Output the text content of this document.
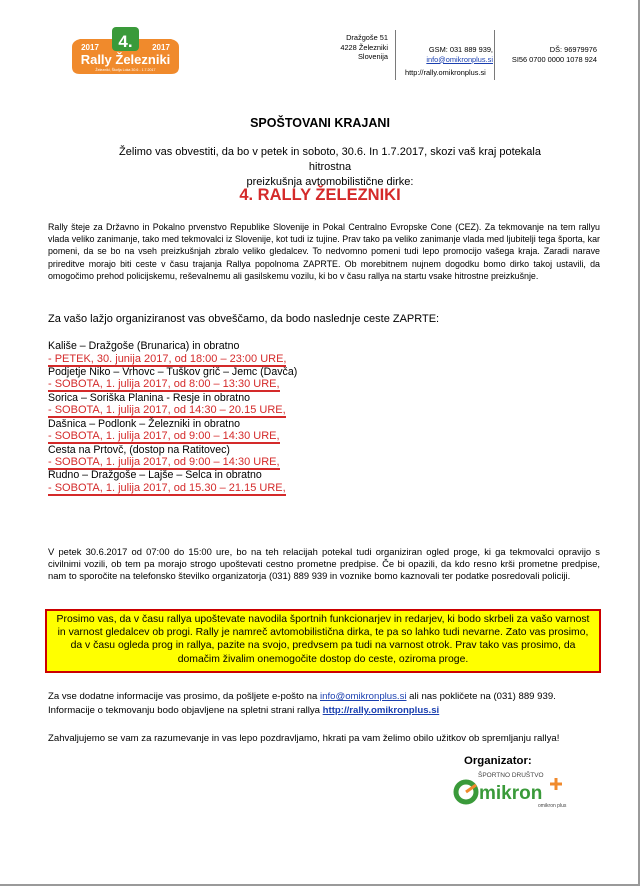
4.
2017	2017
Rally Železniki
Železniki, Škofja Loka 30.6 - 1.7.2017
Dražgoše 51
4228 Železniki
Slovenija
GSM: 031 889 939,
info@omikronplus.si
http://rally.omikronplus.si
DŠ: 96979976
SI56 0700 0000 1078 924
SPOŠTOVANI KRAJANI
Želimo vas obvestiti, da bo v petek in soboto, 30.6. In 1.7.2017, skozi vaš kraj potekala hitrostna
preizkušnja avtomobilistične dirke:
4. RALLY ŽELEZNIKI
Rally šteje za Državno in Pokalno prvenstvo Republike Slovenije in Pokal Centralno Evropske Cone (CEZ). Za tekmovanje na tem rallyu vlada veliko zanimanje, tako med tekmovalci iz Slovenije, kot tudi iz tujine. Prav tako pa veliko zanimanje vlada med ljubitelji tega športa, kar pomeni, da se bo na vseh preizkušnjah zbralo veliko gledalcev. To nedvomno pomeni tudi lepo promocijo vašega kraja. Zaradi narave prireditve morajo biti ceste v času trajanja Rallya popolnoma ZAPRTE. Ob morebitnem nujnem dogodku bomo dirko takoj ustavili, da omogočimo prehod policijskemu, reševalnemu ali gasilskemu vozilu, ki bo v času rallya na startu vsake hitrostne preizkušnje.
Za vašo lažjo organiziranost vas obveščamo, da bodo naslednje ceste ZAPRTE:
Kališe – Dražgoše (Brunarica) in obratno
- PETEK, 30. junija 2017, od 18:00 – 23:00 URE,
Podjetje Niko – Vrhovc – Tuškov grič – Jemc (Davča)
- SOBOTA, 1. julija 2017, od 8:00 – 13:30 URE,
Sorica – Soriška Planina - Resje in obratno
- SOBOTA, 1. julija 2017, od 14:30 – 20.15 URE,
Dašnica – Podlonk – Železniki in obratno
- SOBOTA, 1. julija 2017, od 9:00 – 14:30 URE,
Cesta na Prtovč, (dostop na Ratitovec)
- SOBOTA, 1. julija 2017, od 9:00 – 14:30 URE,
Rudno – Dražgoše – Lajše – Selca in obratno
- SOBOTA, 1. julija 2017, od 15.30 – 21.15 URE,
V petek 30.6.2017 od 07:00 do 15:00 ure, bo na teh relacijah potekal tudi organiziran ogled proge, ki ga tekmovalci opravijo s civilnimi vozili, ob tem pa morajo strogo upoštevati cestno prometne predpise. Če bi opazili, da kdo resno krši prometne predpise, nam to sporočite na telefonsko številko organizatorja (031) 889 939 in voznike bomo kaznovali ter podatke posredovali policiji.
Prosimo vas, da v času rallya upoštevate navodila športnih funkcionarjev in redarjev, ki bodo skrbeli za vašo varnost in varnost gledalcev ob progi. Rally je namreč avtomobilistična dirka, te pa so lahko tudi nevarne. Zato vas prosimo, da v času ogleda prog in rallya, pazite na svojo, predvsem pa tudi na varnost otrok. Prav tako vas prosimo, da domačim živalim onemogočite dostop do ceste, oziroma proge.
Za vse dodatne informacije vas prosimo, da pošljete e-pošto na info@omikronplus.si ali nas pokličete na (031) 889 939.
Informacije o tekmovanju bodo objavljene na spletni strani rallya http://rally.omikronplus.si
Zahvaljujemo se vam za razumevanje in vas lepo pozdravljamo, hkrati pa vam želimo obilo užitkov ob spremljanju rallya!
Organizator:
ŠPORTNO DRUŠTVO
mikron
omikron plus
